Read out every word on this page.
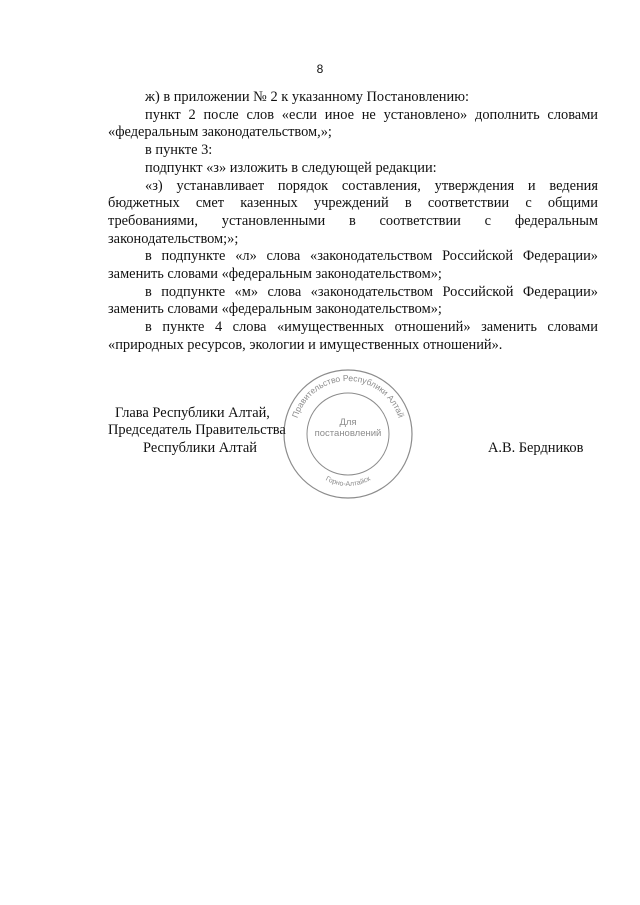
8

ж) в приложении № 2 к указанному Постановлению:

пункт 2 после слов «если иное не установлено» дополнить словами «федеральным законодательством,»;

в пункте 3:

подпункт «з» изложить в следующей редакции:

«з) устанавливает порядок составления, утверждения и ведения бюджетных смет казенных учреждений в соответствии с общими требованиями, установленными в соответствии с федеральным законодательством;»;

в подпункте «л» слова «законодательством Российской Федерации» заменить словами «федеральным законодательством»;

в подпункте «м» слова «законодательством Российской Федерации» заменить словами «федеральным законодательством»;

в пункте 4 слова «имущественных отношений» заменить словами «природных ресурсов, экологии и имущественных отношений».

Правительство Республики Алтай
Горно-Алтайск
Для
постановлений
Глава Республики Алтай,
Председатель Правительства
Республики Алтай	А.В. Бердников
